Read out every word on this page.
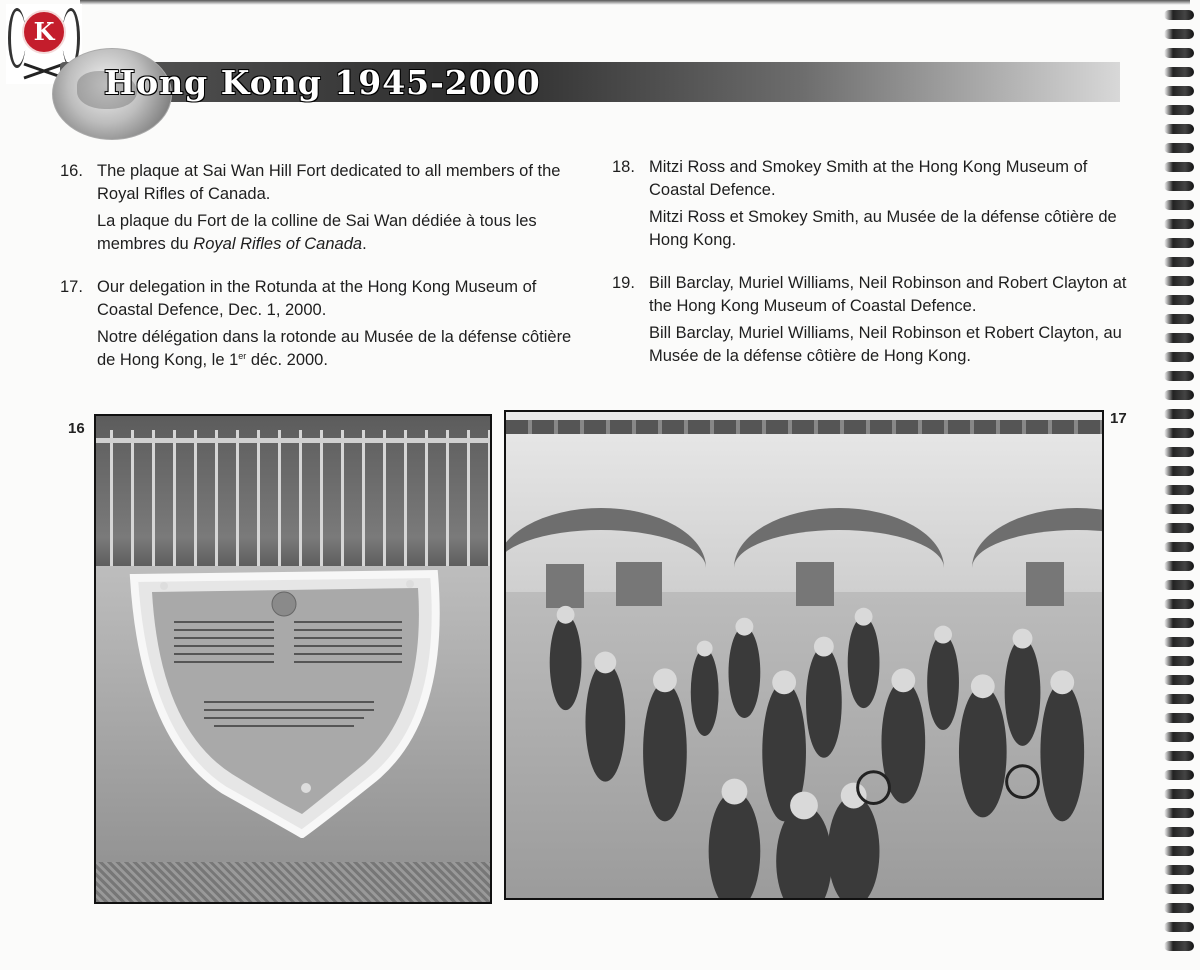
K
Hong Kong 1945-2000
16. The plaque at Sai Wan Hill Fort dedicated to all members of the Royal Rifles of Canada.

La plaque du Fort de la colline de Sai Wan dédiée à tous les membres du Royal Rifles of Canada.

17. Our delegation in the Rotunda at the Hong Kong Museum of Coastal Defence, Dec. 1, 2000.

Notre délégation dans la rotonde au Musée de la défense côtière de Hong Kong, le 1er déc. 2000.

18. Mitzi Ross and Smokey Smith at the Hong Kong Museum of Coastal Defence.

Mitzi Ross et Smokey Smith, au Musée de la défense côtière de Hong Kong.

19. Bill Barclay, Muriel Williams, Neil Robinson and Robert Clayton at the Hong Kong Museum of Coastal Defence.

Bill Barclay, Muriel Williams, Neil Robinson et Robert Clayton, au Musée de la défense côtière de Hong Kong.

16
17
